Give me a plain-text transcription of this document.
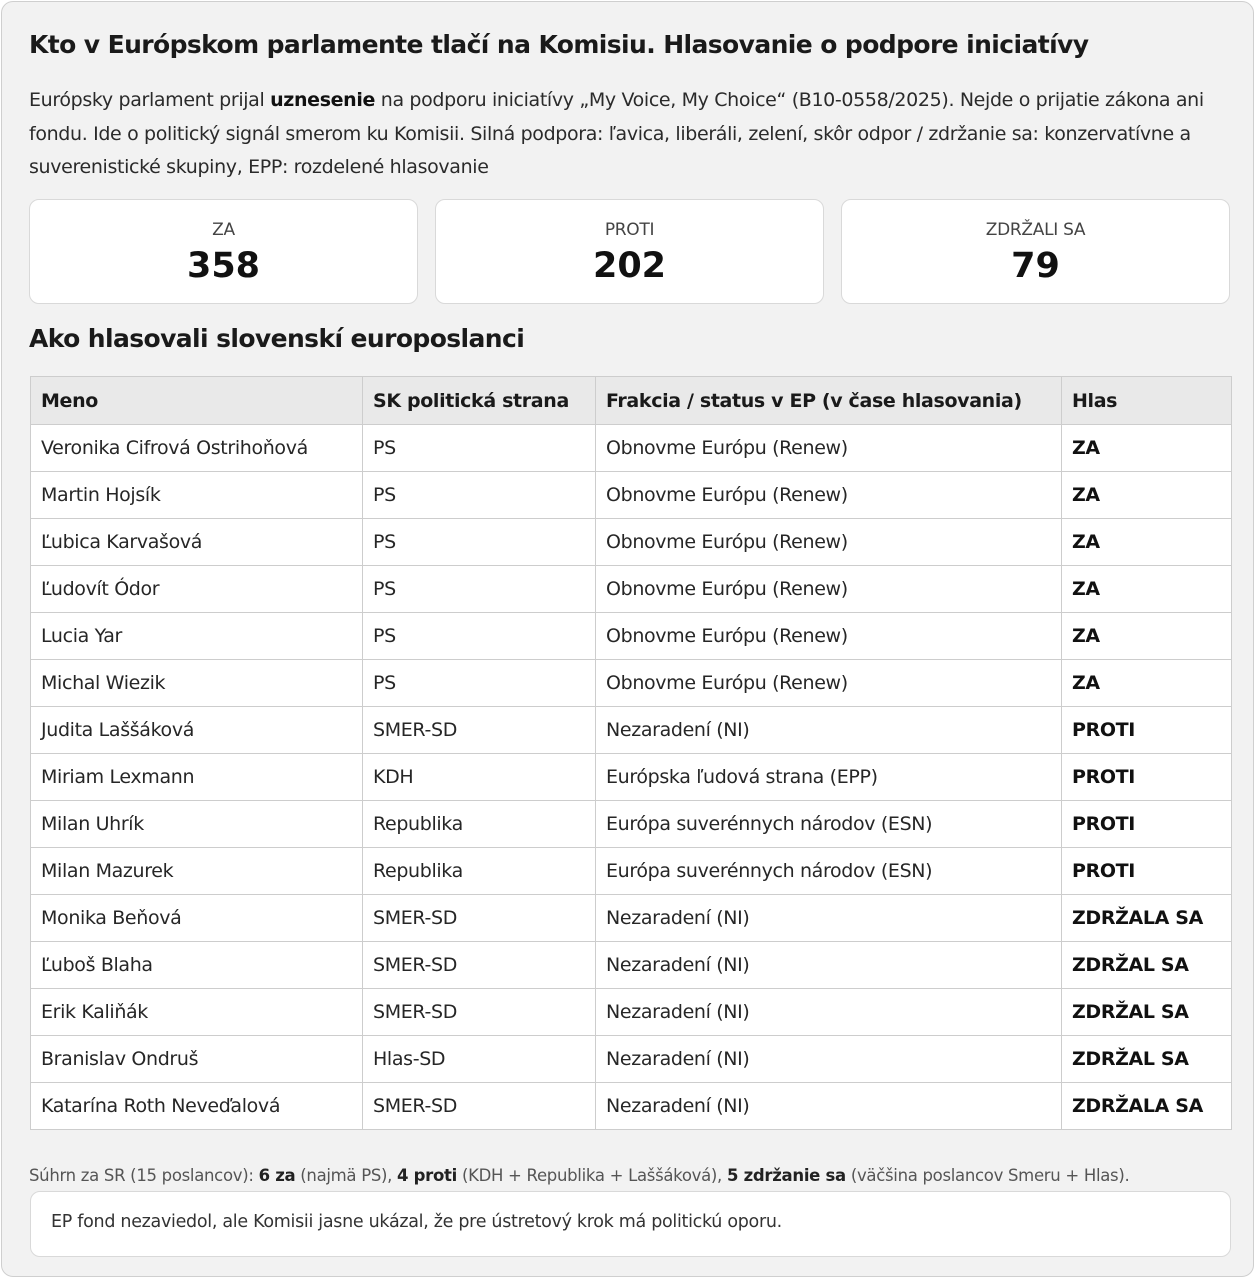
Kto v Európskom parlamente tlačí na Komisiu. Hlasovanie o podpore iniciatívy

Európsky parlament prijal uznesenie na podporu iniciatívy „My Voice, My Choice“ (B10-0558/2025). Nejde o prijatie zákona ani fondu. Ide o politický signál smerom ku Komisii. Silná podpora: ľavica, liberáli, zelení, skôr odpor / zdržanie sa: konzervatívne a suverenistické skupiny, EPP: rozdelené hlasovanie

ZA
358
PROTI
202
ZDRŽALI SA
79
Ako hlasovali slovenskí europoslanci
Meno	SK politická strana	Frakcia / status v EP (v čase hlasovania)	Hlas
Veronika Cifrová Ostrihoňová	PS	Obnovme Európu (Renew)	ZA
Martin Hojsík	PS	Obnovme Európu (Renew)	ZA
Ľubica Karvašová	PS	Obnovme Európu (Renew)	ZA
Ľudovít Ódor	PS	Obnovme Európu (Renew)	ZA
Lucia Yar	PS	Obnovme Európu (Renew)	ZA
Michal Wiezik	PS	Obnovme Európu (Renew)	ZA
Judita Laššáková	SMER-SD	Nezaradení (NI)	PROTI
Miriam Lexmann	KDH	Európska ľudová strana (EPP)	PROTI
Milan Uhrík	Republika	Európa suverénnych národov (ESN)	PROTI
Milan Mazurek	Republika	Európa suverénnych národov (ESN)	PROTI
Monika Beňová	SMER-SD	Nezaradení (NI)	ZDRŽALA SA
Ľuboš Blaha	SMER-SD	Nezaradení (NI)	ZDRŽAL SA
Erik Kaliňák	SMER-SD	Nezaradení (NI)	ZDRŽAL SA
Branislav Ondruš	Hlas-SD	Nezaradení (NI)	ZDRŽAL SA
Katarína Roth Neveďalová	SMER-SD	Nezaradení (NI)	ZDRŽALA SA

Súhrn za SR (15 poslancov): 6 za (najmä PS), 4 proti (KDH + Republika + Laššáková), 5 zdržanie sa (väčšina poslancov Smeru + Hlas).

EP fond nezaviedol, ale Komisii jasne ukázal, že pre ústretový krok má politickú oporu.
